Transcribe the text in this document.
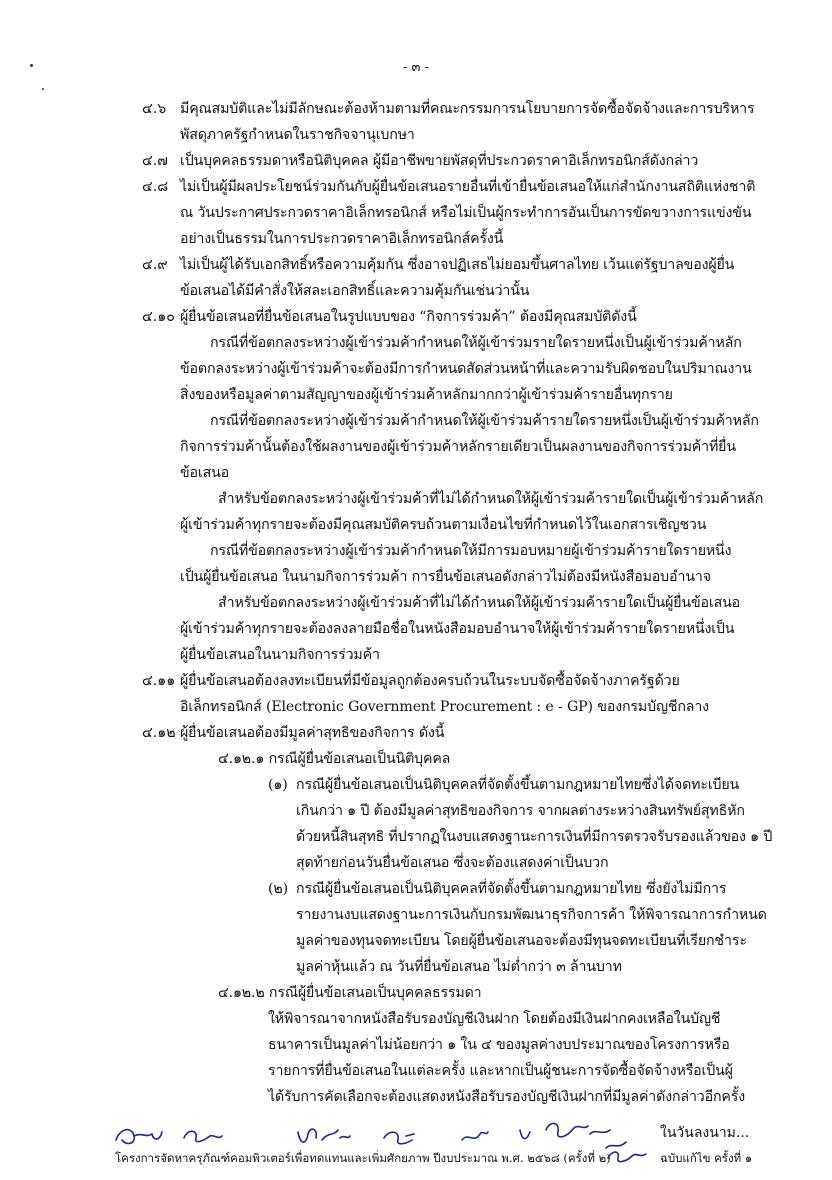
- ๓ -
๔.๖ มีคุณสมบัติและไม่มีลักษณะต้องห้ามตามที่คณะกรรมการนโยบายการจัดซื้อจัดจ้างและการบริหาร
พัสดุภาครัฐกำหนดในราชกิจจานุเบกษา
๔.๗ เป็นบุคคลธรรมดาหรือนิติบุคคล ผู้มีอาชีพขายพัสดุที่ประกวดราคาอิเล็กทรอนิกส์ดังกล่าว
๔.๘ ไม่เป็นผู้มีผลประโยชน์ร่วมกันกับผู้ยื่นข้อเสนอรายอื่นที่เข้ายื่นข้อเสนอให้แก่สำนักงานสถิติแห่งชาติ
ณ วันประกาศประกวดราคาอิเล็กทรอนิกส์ หรือไม่เป็นผู้กระทำการอันเป็นการขัดขวางการแข่งขัน
อย่างเป็นธรรมในการประกวดราคาอิเล็กทรอนิกส์ครั้งนี้
๔.๙ ไม่เป็นผู้ได้รับเอกสิทธิ์หรือความคุ้มกัน ซึ่งอาจปฏิเสธไม่ยอมขึ้นศาลไทย เว้นแต่รัฐบาลของผู้ยื่น
ข้อเสนอได้มีคำสั่งให้สละเอกสิทธิ์และความคุ้มกันเช่นว่านั้น
๔.๑๐ ผู้ยื่นข้อเสนอที่ยื่นข้อเสนอในรูปแบบของ “กิจการร่วมค้า” ต้องมีคุณสมบัติดังนี้
กรณีที่ข้อตกลงระหว่างผู้เข้าร่วมค้ากำหนดให้ผู้เข้าร่วมรายใดรายหนึ่งเป็นผู้เข้าร่วมค้าหลัก
ข้อตกลงระหว่างผู้เข้าร่วมค้าจะต้องมีการกำหนดสัดส่วนหน้าที่และความรับผิดชอบในปริมาณงาน
สิ่งของหรือมูลค่าตามสัญญาของผู้เข้าร่วมค้าหลักมากกว่าผู้เข้าร่วมค้ารายอื่นทุกราย
กรณีที่ข้อตกลงระหว่างผู้เข้าร่วมค้ากำหนดให้ผู้เข้าร่วมค้ารายใดรายหนึ่งเป็นผู้เข้าร่วมค้าหลัก
กิจการร่วมค้านั้นต้องใช้ผลงานของผู้เข้าร่วมค้าหลักรายเดียวเป็นผลงานของกิจการร่วมค้าที่ยื่น
ข้อเสนอ
สำหรับข้อตกลงระหว่างผู้เข้าร่วมค้าที่ไม่ได้กำหนดให้ผู้เข้าร่วมค้ารายใดเป็นผู้เข้าร่วมค้าหลัก
ผู้เข้าร่วมค้าทุกรายจะต้องมีคุณสมบัติครบถ้วนตามเงื่อนไขที่กำหนดไว้ในเอกสารเชิญชวน
กรณีที่ข้อตกลงระหว่างผู้เข้าร่วมค้ากำหนดให้มีการมอบหมายผู้เข้าร่วมค้ารายใดรายหนึ่ง
เป็นผู้ยื่นข้อเสนอ ในนามกิจการร่วมค้า การยื่นข้อเสนอดังกล่าวไม่ต้องมีหนังสือมอบอำนาจ
สำหรับข้อตกลงระหว่างผู้เข้าร่วมค้าที่ไม่ได้กำหนดให้ผู้เข้าร่วมค้ารายใดเป็นผู้ยื่นข้อเสนอ
ผู้เข้าร่วมค้าทุกรายจะต้องลงลายมือชื่อในหนังสือมอบอำนาจให้ผู้เข้าร่วมค้ารายใดรายหนึ่งเป็น
ผู้ยื่นข้อเสนอในนามกิจการร่วมค้า
๔.๑๑ ผู้ยื่นข้อเสนอต้องลงทะเบียนที่มีข้อมูลถูกต้องครบถ้วนในระบบจัดซื้อจัดจ้างภาครัฐด้วย
อิเล็กทรอนิกส์ (Electronic Government Procurement : e - GP) ของกรมบัญชีกลาง
๔.๑๒ ผู้ยื่นข้อเสนอต้องมีมูลค่าสุทธิของกิจการ ดังนี้
๔.๑๒.๑ กรณีผู้ยื่นข้อเสนอเป็นนิติบุคคล
(๑) กรณีผู้ยื่นข้อเสนอเป็นนิติบุคคลที่จัดตั้งขึ้นตามกฎหมายไทยซึ่งได้จดทะเบียน
เกินกว่า ๑ ปี ต้องมีมูลค่าสุทธิของกิจการ จากผลต่างระหว่างสินทรัพย์สุทธิหัก
ด้วยหนี้สินสุทธิ ที่ปรากฏในงบแสดงฐานะการเงินที่มีการตรวจรับรองแล้วของ ๑ ปี
สุดท้ายก่อนวันยื่นข้อเสนอ ซึ่งจะต้องแสดงค่าเป็นบวก
(๒) กรณีผู้ยื่นข้อเสนอเป็นนิติบุคคลที่จัดตั้งขึ้นตามกฎหมายไทย ซึ่งยังไม่มีการ
รายงานงบแสดงฐานะการเงินกับกรมพัฒนาธุรกิจการค้า ให้พิจารณาการกำหนด
มูลค่าของทุนจดทะเบียน โดยผู้ยื่นข้อเสนอจะต้องมีทุนจดทะเบียนที่เรียกชำระ
มูลค่าหุ้นแล้ว ณ วันที่ยื่นข้อเสนอ ไม่ต่ำกว่า ๓ ล้านบาท
๔.๑๒.๒ กรณีผู้ยื่นข้อเสนอเป็นบุคคลธรรมดา
ให้พิจารณาจากหนังสือรับรองบัญชีเงินฝาก โดยต้องมีเงินฝากคงเหลือในบัญชี
ธนาคารเป็นมูลค่าไม่น้อยกว่า ๑ ใน ๔ ของมูลค่างบประมาณของโครงการหรือ
รายการที่ยื่นข้อเสนอในแต่ละครั้ง และหากเป็นผู้ชนะการจัดซื้อจัดจ้างหรือเป็นผู้
ได้รับการคัดเลือกจะต้องแสดงหนังสือรับรองบัญชีเงินฝากที่มีมูลค่าดังกล่าวอีกครั้ง
ในวันลงนาม...
โครงการจัดหาครุภัณฑ์คอมพิวเตอร์เพื่อทดแทนและเพิ่มศักยภาพ ปีงบประมาณ พ.ศ. ๒๕๖๘ (ครั้งที่ ๒)	ฉบับแก้ไข ครั้งที่ ๑
